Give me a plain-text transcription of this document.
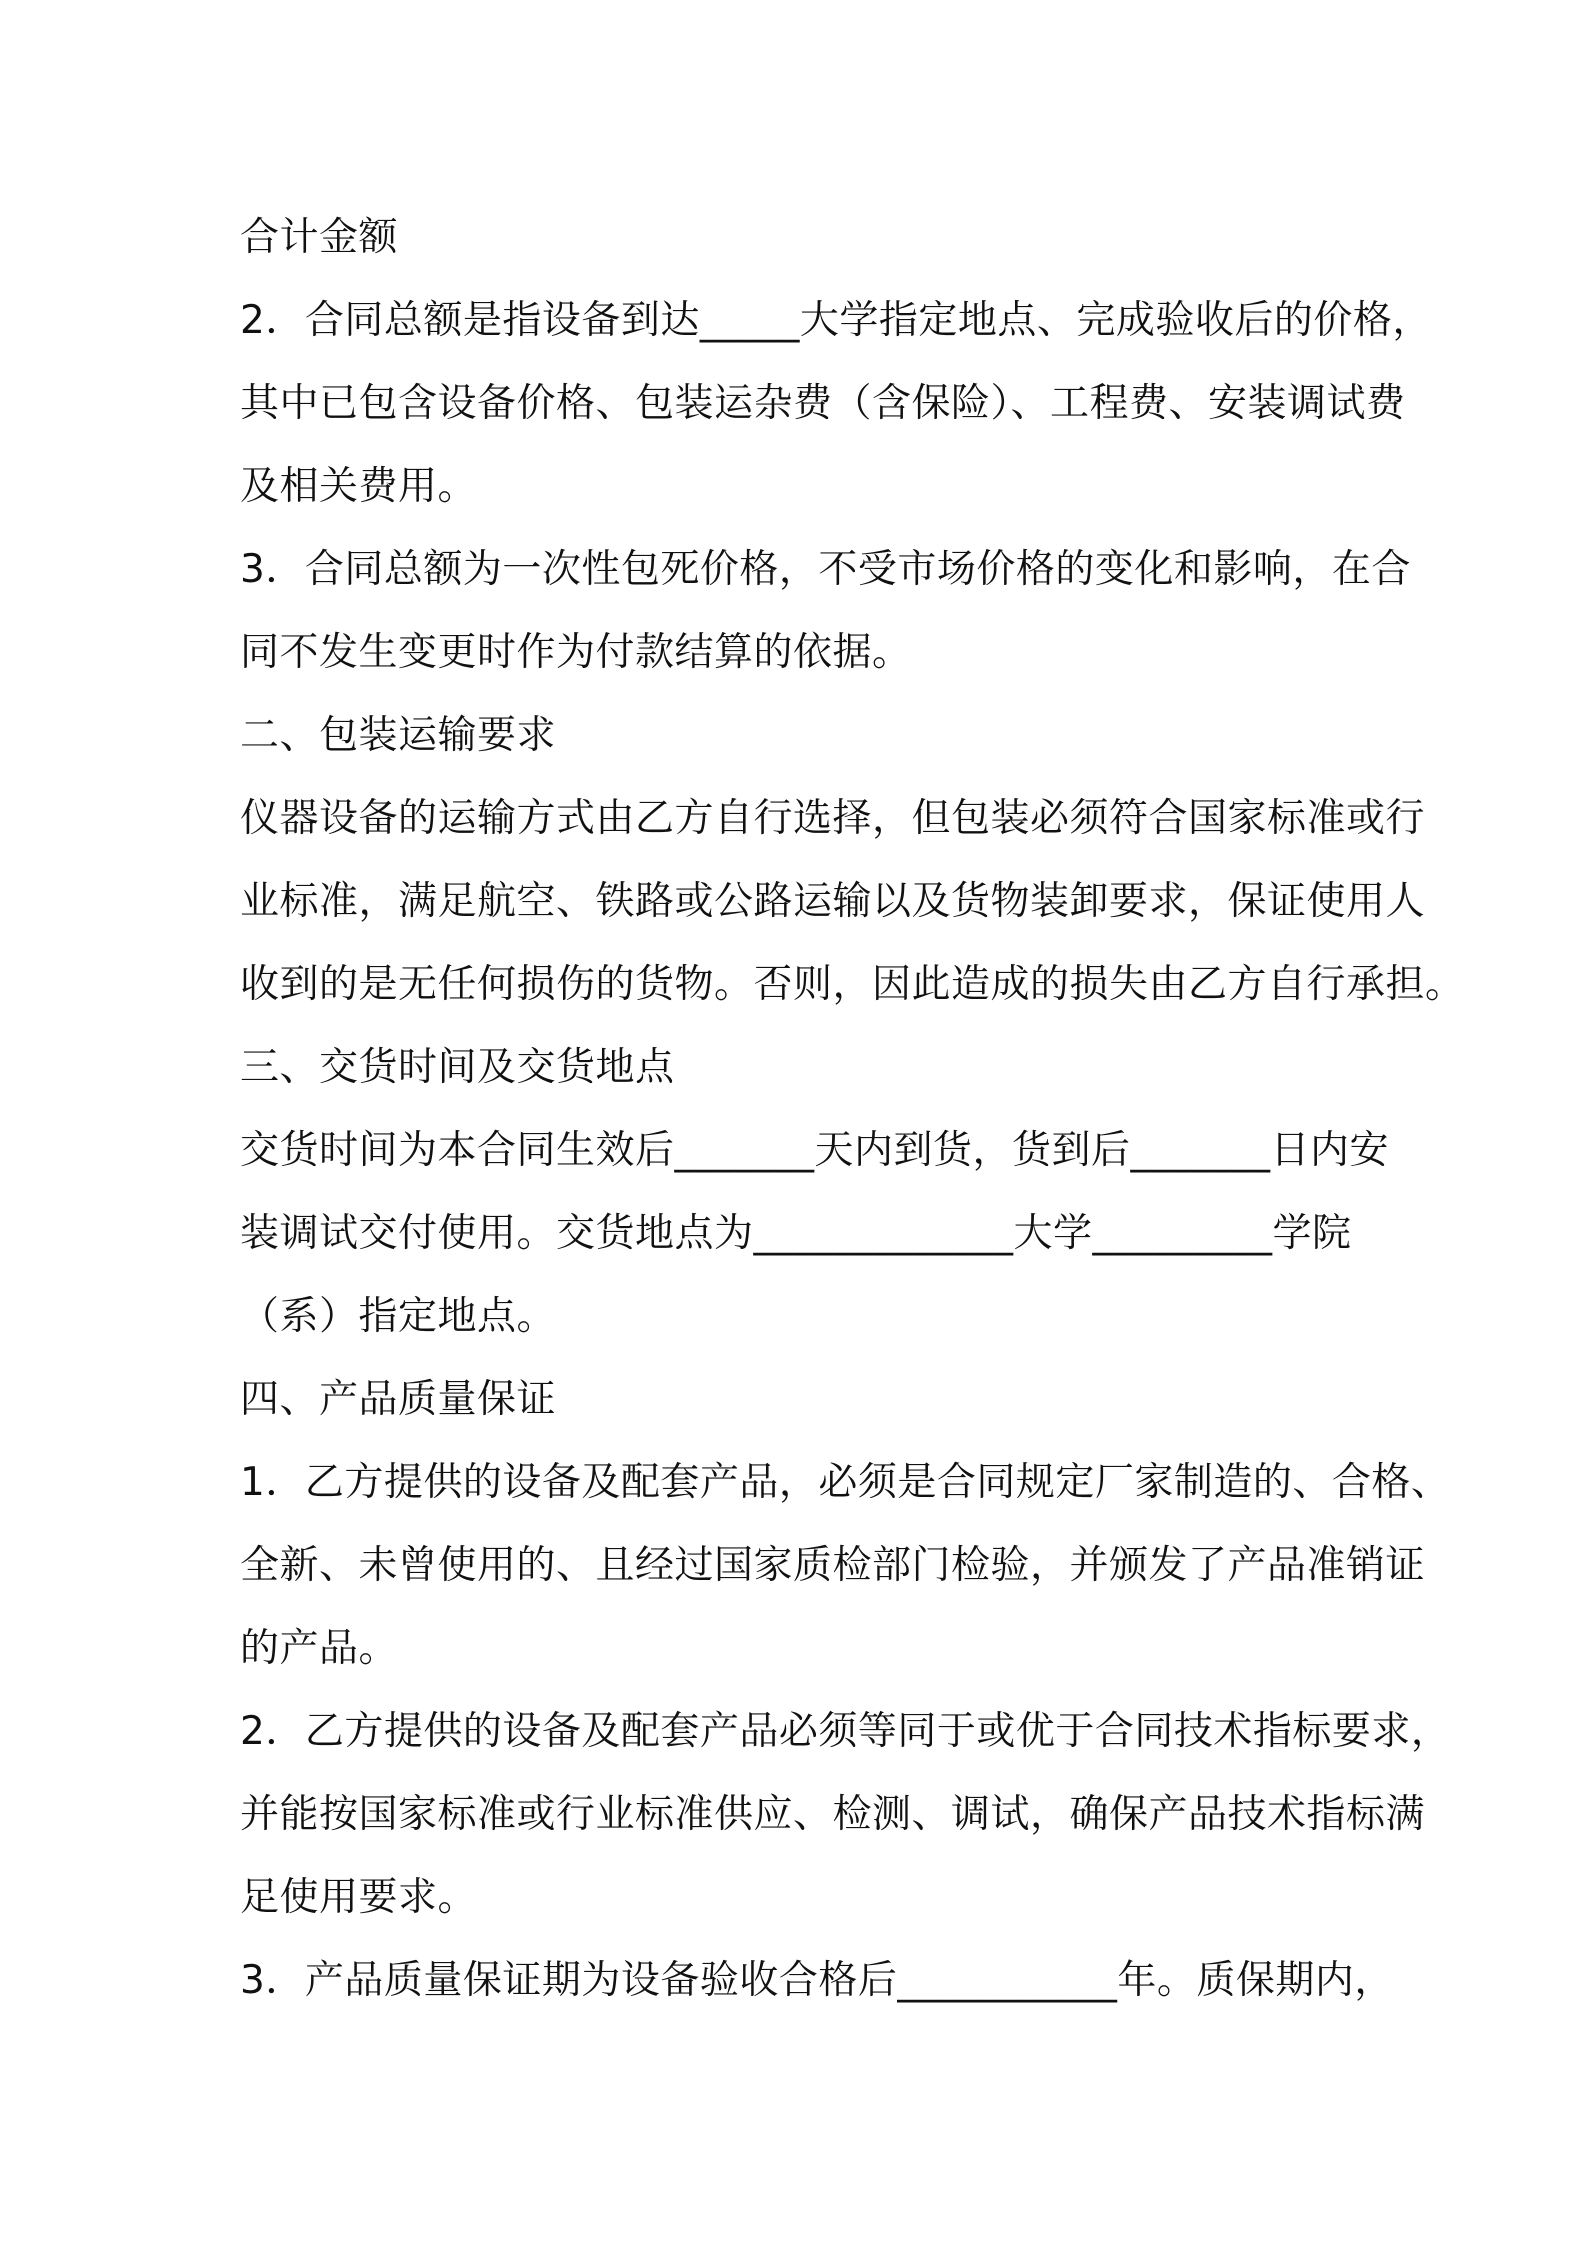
合计金额
2．合同总额是指设备到达_____大学指定地点、完成验收后的价格，
其中已包含设备价格、包装运杂费（含保险）、工程费、安装调试费
及相关费用。
3．合同总额为一次性包死价格，不受市场价格的变化和影响，在合
同不发生变更时作为付款结算的依据。
二、包装运输要求
仪器设备的运输方式由乙方自行选择，但包装必须符合国家标准或行
业标准，满足航空、铁路或公路运输以及货物装卸要求，保证使用人
收到的是无任何损伤的货物。否则，因此造成的损失由乙方自行承担。
三、交货时间及交货地点
交货时间为本合同生效后_______天内到货，货到后_______日内安
装调试交付使用。交货地点为_____________大学_________学院
（系）指定地点。
四、产品质量保证
1．乙方提供的设备及配套产品，必须是合同规定厂家制造的、合格、
全新、未曾使用的、且经过国家质检部门检验，并颁发了产品准销证
的产品。
2．乙方提供的设备及配套产品必须等同于或优于合同技术指标要求，
并能按国家标准或行业标准供应、检测、调试，确保产品技术指标满
足使用要求。
3．产品质量保证期为设备验收合格后___________年。质保期内，
